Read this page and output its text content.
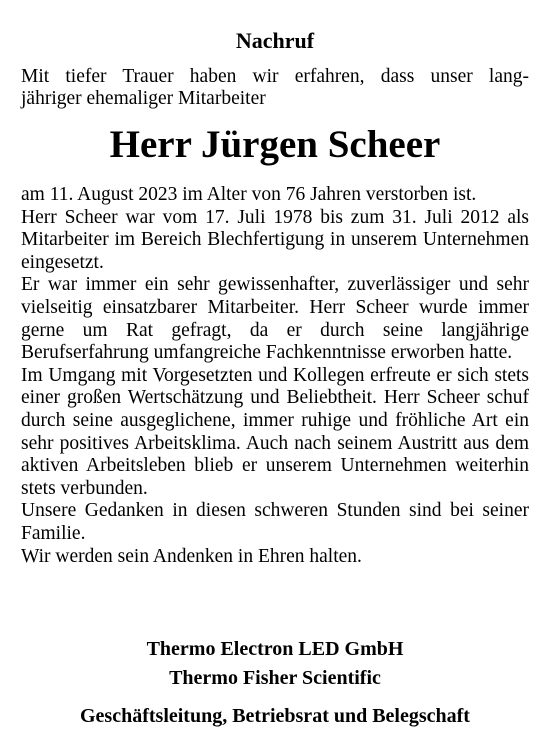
Nachruf
Mit tiefer Trauer haben wir erfahren, dass unser lang-
jähriger ehemaliger Mitarbeiter
Herr Jürgen Scheer

am 11. August 2023 im Alter von 76 Jahren verstorben ist.

Herr Scheer war vom 17. Juli 1978 bis zum 31. Juli 2012 als Mitarbeiter im Bereich Blechfertigung in unserem Unternehmen eingesetzt.

Er war immer ein sehr gewissenhafter, zuverlässiger und sehr vielseitig einsatzbarer Mitarbeiter. Herr Scheer wurde immer gerne um Rat gefragt, da er durch seine langjährige Berufserfahrung umfangreiche Fachkenntnisse erworben hatte.

Im Umgang mit Vorgesetzten und Kollegen erfreute er sich stets einer großen Wertschätzung und Beliebtheit. Herr Scheer schuf durch seine ausgeglichene, immer ruhige und fröhliche Art ein sehr positives Arbeitsklima. Auch nach seinem Austritt aus dem aktiven Arbeitsleben blieb er unserem Unternehmen weiterhin stets verbunden.

Unsere Gedanken in diesen schweren Stunden sind bei seiner Familie.

Wir werden sein Andenken in Ehren halten.

Thermo Electron LED GmbH
Thermo Fisher Scientific
Geschäftsleitung, Betriebsrat und Belegschaft
